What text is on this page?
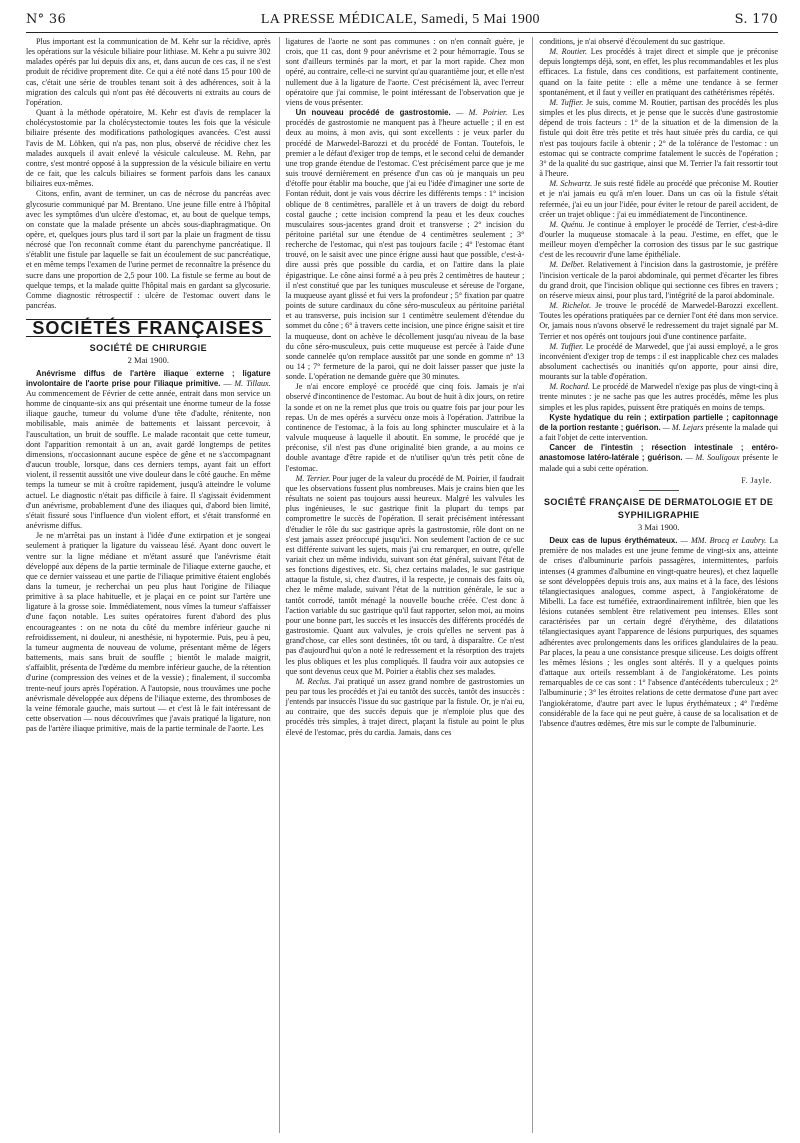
N° 36	LA PRESSE MÉDICALE, Samedi, 5 Mai 1900	S. 170

Plus important est la communication de M. Kehr sur la récidive, après les opérations sur la vésicule biliaire pour lithiase. M. Kehr a pu suivre 302 malades opérés par lui depuis dix ans, et, dans aucun de ces cas, il ne s'est produit de récidive proprement dite. Ce qui a été noté dans 15 pour 100 de cas, c'était une série de troubles tenant soit à des adhérences, soit à la migration des calculs qui n'ont pas été découverts ni extraits au cours de l'opération.

Quant à la méthode opératoire, M. Kehr est d'avis de remplacer la cholécystostomie par la cholécystectomie toutes les fois que la vésicule biliaire présente des modifications pathologiques avancées. C'est aussi l'avis de M. Löbken, qui n'a pas, non plus, observé de récidive chez les malades auxquels il avait enlevé la vésicule calculeuse. M. Rehn, par contre, s'est montré opposé à la suppression de la vésicule biliaire en vertu de ce fait, que les calculs biliaires se forment parfois dans les canaux biliaires eux-mêmes.

Citons, enfin, avant de terminer, un cas de nécrose du pancréas avec glycosurie communiqué par M. Brentano. Une jeune fille entre à l'hôpital avec les symptômes d'un ulcère d'estomac, et, au bout de quelque temps, on constate que la malade présente un abcès sous-diaphragmatique. On opère, et, quelques jours plus tard il sort par la plaie un fragment de tissu nécrosé que l'on reconnaît comme étant du parenchyme pancréatique. Il s'établit une fistule par laquelle se fait un écoulement de suc pancréatique, et en même temps l'examen de l'urine permet de reconnaître la présence du sucre dans une proportion de 2,5 pour 100. La fistule se ferme au bout de quelque temps, et la malade quitte l'hôpital mais en gardant sa glycosurie. Comme diagnostic rétrospectif : ulcère de l'estomac ouvert dans le pancréas.

SOCIÉTÉS FRANÇAISES
SOCIÉTÉ DE CHIRURGIE
2 Mai 1900.

Anévrisme diffus de l'artère iliaque externe ; ligature involontaire de l'aorte prise pour l'iliaque primitive. — M. Tillaux. Au commencement de Février de cette année, entrait dans mon service un homme de cinquante-six ans qui présentait une énorme tumeur de la fosse iliaque gauche, tumeur du volume d'une tête d'adulte, rénitente, non mobilisable, mais animée de battements et laissant percevoir, à l'auscultation, un bruit de souffle. Le malade racontait que cette tumeur, dont l'apparition remontait à un an, avait gardé longtemps de petites dimensions, n'occasionnant aucune espèce de gêne et ne s'accompagnant d'aucun trouble, lorsque, dans ces derniers temps, ayant fait un effort violent, il ressentit aussitôt une vive douleur dans le côté gauche. En même temps la tumeur se mit à croître rapidement, jusqu'à atteindre le volume actuel. Le diagnostic n'était pas difficile à faire. Il s'agissait évidemment d'un anévrisme, probablement d'une des iliaques qui, d'abord bien limité, s'était fissuré sous l'influence d'un violent effort, et s'était transformé en anévrisme diffus.

Je ne m'arrêtai pas un instant à l'idée d'une extirpation et je songeai seulement à pratiquer la ligature du vaisseau lésé. Ayant donc ouvert le ventre sur la ligne médiane et m'étant assuré que l'anévrisme était développé aux dépens de la partie terminale de l'iliaque externe gauche, et que ce dernier vaisseau et une partie de l'iliaque primitive étaient englobés dans la tumeur, je recherchai un peu plus haut l'origine de l'iliaque primitive à sa place habituelle, et je plaçai en ce point sur l'artère une ligature à la grosse soie. Immédiatement, nous vîmes la tumeur s'affaisser d'une façon notable. Les suites opératoires furent d'abord des plus encourageantes : on ne nota du côté du membre inférieur gauche ni refroidissement, ni douleur, ni anesthésie, ni hypotermie. Puis, peu à peu, la tumeur augmenta de nouveau de volume, présentant même de légers battements, mais sans bruit de souffle ; bientôt le malade maigrit, s'affaiblit, présenta de l'œdème du membre inférieur gauche, de la rétention d'urine (compression des veines et de la vessie) ; finalement, il succomba trente-neuf jours après l'opération. A l'autopsie, nous trouvâmes une poche anévrismale développée aux dépens de l'iliaque externe, des thromboses de la veine fémorale gauche, mais surtout — et c'est là le fait intéressant de cette observation — nous découvrîmes que j'avais pratiqué la ligature, non pas de l'artère iliaque primitive, mais de la partie terminale de l'aorte. Les

ligatures de l'aorte ne sont pas communes : on n'en connaît guère, je crois, que 11 cas, dont 9 pour anévrisme et 2 pour hémorragie. Tous se sont d'ailleurs terminés par la mort, et par la mort rapide. Chez mon opéré, au contraire, celle-ci ne survint qu'au quarantième jour, et elle n'est nullement due à la ligature de l'aorte. C'est précisément là, avec l'erreur opératoire que j'ai commise, le point intéressant de l'observation que je viens de vous présenter.

Un nouveau procédé de gastrostomie. — M. Poirier. Les procédés de gastrostomie ne manquent pas à l'heure actuelle ; il en est deux au moins, à mon avis, qui sont excellents : je veux parler du procédé de Marwedel-Barozzi et du procédé de Fontan. Toutefois, le premier a le défaut d'exiger trop de temps, et le second celui de demander une trop grande étendue de l'estomac. C'est précisément parce que je me suis trouvé dernièrement en présence d'un cas où je manquais un peu d'étoffe pour établir ma bouche, que j'ai eu l'idée d'imaginer une sorte de Fontan réduit, dont je vais vous décrire les différents temps : 1° incision oblique de 8 centimètres, parallèle et à un travers de doigt du rebord costal gauche ; cette incision comprend la peau et les deux couches musculaires sous-jacentes grand droit et transverse ; 2° incision du péritoine pariétal sur une étendue de 4 centimètres seulement ; 3° recherche de l'estomac, qui n'est pas toujours facile ; 4° l'estomac étant trouvé, on le saisit avec une pince érigne aussi haut que possible, c'est-à-dire aussi près que possible du cardia, et on l'attire dans la plaie épigastrique. Le cône ainsi formé a à peu près 2 centimètres de hauteur ; il n'est constitué que par les tuniques musculeuse et séreuse de l'organe, la muqueuse ayant glissé et fui vers la profondeur ; 5° fixation par quatre points de suture cardinaux du cône séro-musculeux au péritoine pariétal et au transverse, puis incision sur 1 centimètre seulement d'étendue du sommet du cône ; 6° à travers cette incision, une pince érigne saisit et tire la muqueuse, dont on achève le décollement jusqu'au niveau de la base du cône séro-musculeux, puis cette muqueuse est percée à l'aide d'une sonde cannelée qu'on remplace aussitôt par une sonde en gomme n° 13 ou 14 ; 7° fermeture de la paroi, qui ne doit laisser passer que juste la sonde. L'opération ne demande guère que 30 minutes.

Je n'ai encore employé ce procédé que cinq fois. Jamais je n'ai observé d'incontinence de l'estomac. Au bout de huit à dix jours, on retire la sonde et on ne la remet plus que trois ou quatre fois par jour pour les repas. Un de mes opérés a survécu onze mois à l'opération. J'attribue la continence de l'estomac, à la fois au long sphincter musculaire et à la valvule muqueuse à laquelle il aboutit. En somme, le procédé que je préconise, s'il n'est pas d'une originalité bien grande, a au moins ce double avantage d'être rapide et de n'utiliser qu'un très petit cône de l'estomac.

M. Terrier. Pour juger de la valeur du procédé de M. Poirier, il faudrait que les observations fussent plus nombreuses. Mais je crains bien que les résultats ne soient pas toujours aussi heureux. Malgré les valvules les plus ingénieuses, le suc gastrique finit la plupart du temps par compromettre le succès de l'opération. Il serait précisément intéressant d'étudier le rôle du suc gastrique après la gastrostomie, rôle dont on ne s'est jamais assez préoccupé jusqu'ici. Non seulement l'action de ce suc est différente suivant les sujets, mais j'ai cru remarquer, en outre, qu'elle variait chez un même individu, suivant son état général, suivant l'état de ses fonctions digestives, etc. Si, chez certains malades, le suc gastrique attaque la fistule, si, chez d'autres, il la respecte, je connais des faits où, chez le même malade, suivant l'état de la nutrition générale, le suc a tantôt corrodé, tantôt ménagé la nouvelle bouche créée. C'est donc à l'action variable du suc gastrique qu'il faut rapporter, selon moi, au moins pour une bonne part, les succès et les insuccès des différents procédés de gastrostomie. Quant aux valvules, je crois qu'elles ne servent pas à grand'chose, car elles sont destinées, tôt ou tard, à disparaître. Ce n'est pas d'aujourd'hui qu'on a noté le redressement et la résorption des trajets les plus obliques et les plus compliqués. Il faudra voir aux autopsies ce que sont devenus ceux que M. Poirier a établis chez ses malades.

M. Reclus. J'ai pratiqué un assez grand nombre de gastrostomies un peu par tous les procédés et j'ai eu tantôt des succès, tantôt des insuccès : j'entends par insuccès l'issue du suc gastrique par la fistule. Or, je n'ai eu, au contraire, que des succès depuis que je n'emploie plus que des procédés très simples, à trajet direct, plaçant la fistule au point le plus élevé de l'estomac, près du cardia. Jamais, dans ces

conditions, je n'ai observé d'écoulement du suc gastrique.

M. Routier. Les procédés à trajet direct et simple que je préconise depuis longtemps déjà, sont, en effet, les plus recommandables et les plus efficaces. La fistule, dans ces conditions, est parfaitement continente, quand on la faite petite : elle a même une tendance à se fermer spontanément, et il faut y veiller en pratiquant des cathétérismes répétés.

M. Tuffier. Je suis, comme M. Routier, partisan des procédés les plus simples et les plus directs, et je pense que le succès d'une gastrostomie dépend de trois facteurs : 1° de la situation et de la dimension de la fistule qui doit être très petite et très haut située près du cardia, ce qui n'est pas toujours facile à obtenir ; 2° de la tolérance de l'estomac : un estomac qui se contracte comprime fatalement le succès de l'opération ; 3° de la qualité du suc gastrique, ainsi que M. Terrier l'a fait ressortir tout à l'heure.

M. Schwartz. Je suis resté fidèle au procédé que préconise M. Routier et je n'ai jamais eu qu'à m'en louer. Dans un cas où la fistule s'était refermée, j'ai eu un jour l'idée, pour éviter le retour de pareil accident, de créer un trajet oblique : j'ai eu immédiatement de l'incontinence.

M. Quénu. Je continue à employer le procédé de Terrier, c'est-à-dire d'ourler la muqueuse stomacale à la peau. J'estime, en effet, que le meilleur moyen d'empêcher la corrosion des tissus par le suc gastrique c'est de les recouvrir d'une lame épithéliale.

M. Delbet. Relativement à l'incision dans la gastrostomie, je préfère l'incision verticale de la paroi abdominale, qui permet d'écarter les fibres du grand droit, que l'incision oblique qui sectionne ces fibres en travers ; on réserve mieux ainsi, pour plus tard, l'intégrité de la paroi abdominale.

M. Richelot. Je trouve le procédé de Marwedel-Barozzi excellent. Toutes les opérations pratiquées par ce dernier l'ont été dans mon service. Or, jamais nous n'avons observé le redressement du trajet signalé par M. Terrier et nos opérés ont toujours joui d'une continence parfaite.

M. Tuffier. Le procédé de Marwedel, que j'ai aussi employé, a le gros inconvénient d'exiger trop de temps : il est inapplicable chez ces malades absolument cachectisés ou inanitiés qu'on apporte, pour ainsi dire, mourants sur la table d'opération.

M. Rochard. Le procédé de Marwedel n'exige pas plus de vingt-cinq à trente minutes : je ne sache pas que les autres procédés, même les plus simples et les plus rapides, puissent être pratiqués en moins de temps.

Kyste hydatique du rein ; extirpation partielle ; capitonnage de la portion restante ; guérison. — M. Lejars présente la malade qui a fait l'objet de cette intervention.

Cancer de l'intestin ; résection intestinale ; entéro-anastomose latéro-latérale ; guérison. — M. Souligoux présente le malade qui a subi cette opération.

F. Jayle.
SOCIÉTÉ FRANÇAISE DE DERMATOLOGIE ET DE SYPHILIGRAPHIE
3 Mai 1900.

Deux cas de lupus érythémateux. — MM. Brocq et Laubry. La première de nos malades est une jeune femme de vingt-six ans, atteinte de crises d'albuminurie parfois passagères, intermittentes, parfois intenses (4 grammes d'albumine en vingt-quatre heures), et chez laquelle se sont développées depuis trois ans, aux mains et à la face, des lésions télangiectasiques analogues, comme aspect, à l'angiokératome de Mibelli. La face est tuméfiée, extraordinairement infiltrée, bien que les lésions cutanées semblent être relativement peu intenses. Elles sont caractérisées par un certain degré d'érythème, des dilatations télangiectasiques ayant l'apparence de lésions purpuriques, des squames adhérentes avec prolongements dans les orifices glandulaires de la peau. Par places, la peau a une consistance presque siliceuse. Les doigts offrent les mêmes lésions ; les ongles sont altérés. Il y a quelques points d'attaque aux orteils ressemblant à de l'angiokératome. Les points remarquables de ce cas sont : 1° l'absence d'antécédents tuberculeux ; 2° l'albuminurie ; 3° les étroites relations de cette dermatose d'une part avec l'angiokératome, d'autre part avec le lupus érythémateux ; 4° l'œdème considérable de la face qui ne peut guère, à cause de sa localisation et de l'absence d'autres œdèmes, être mis sur le compte de l'albuminurie.
